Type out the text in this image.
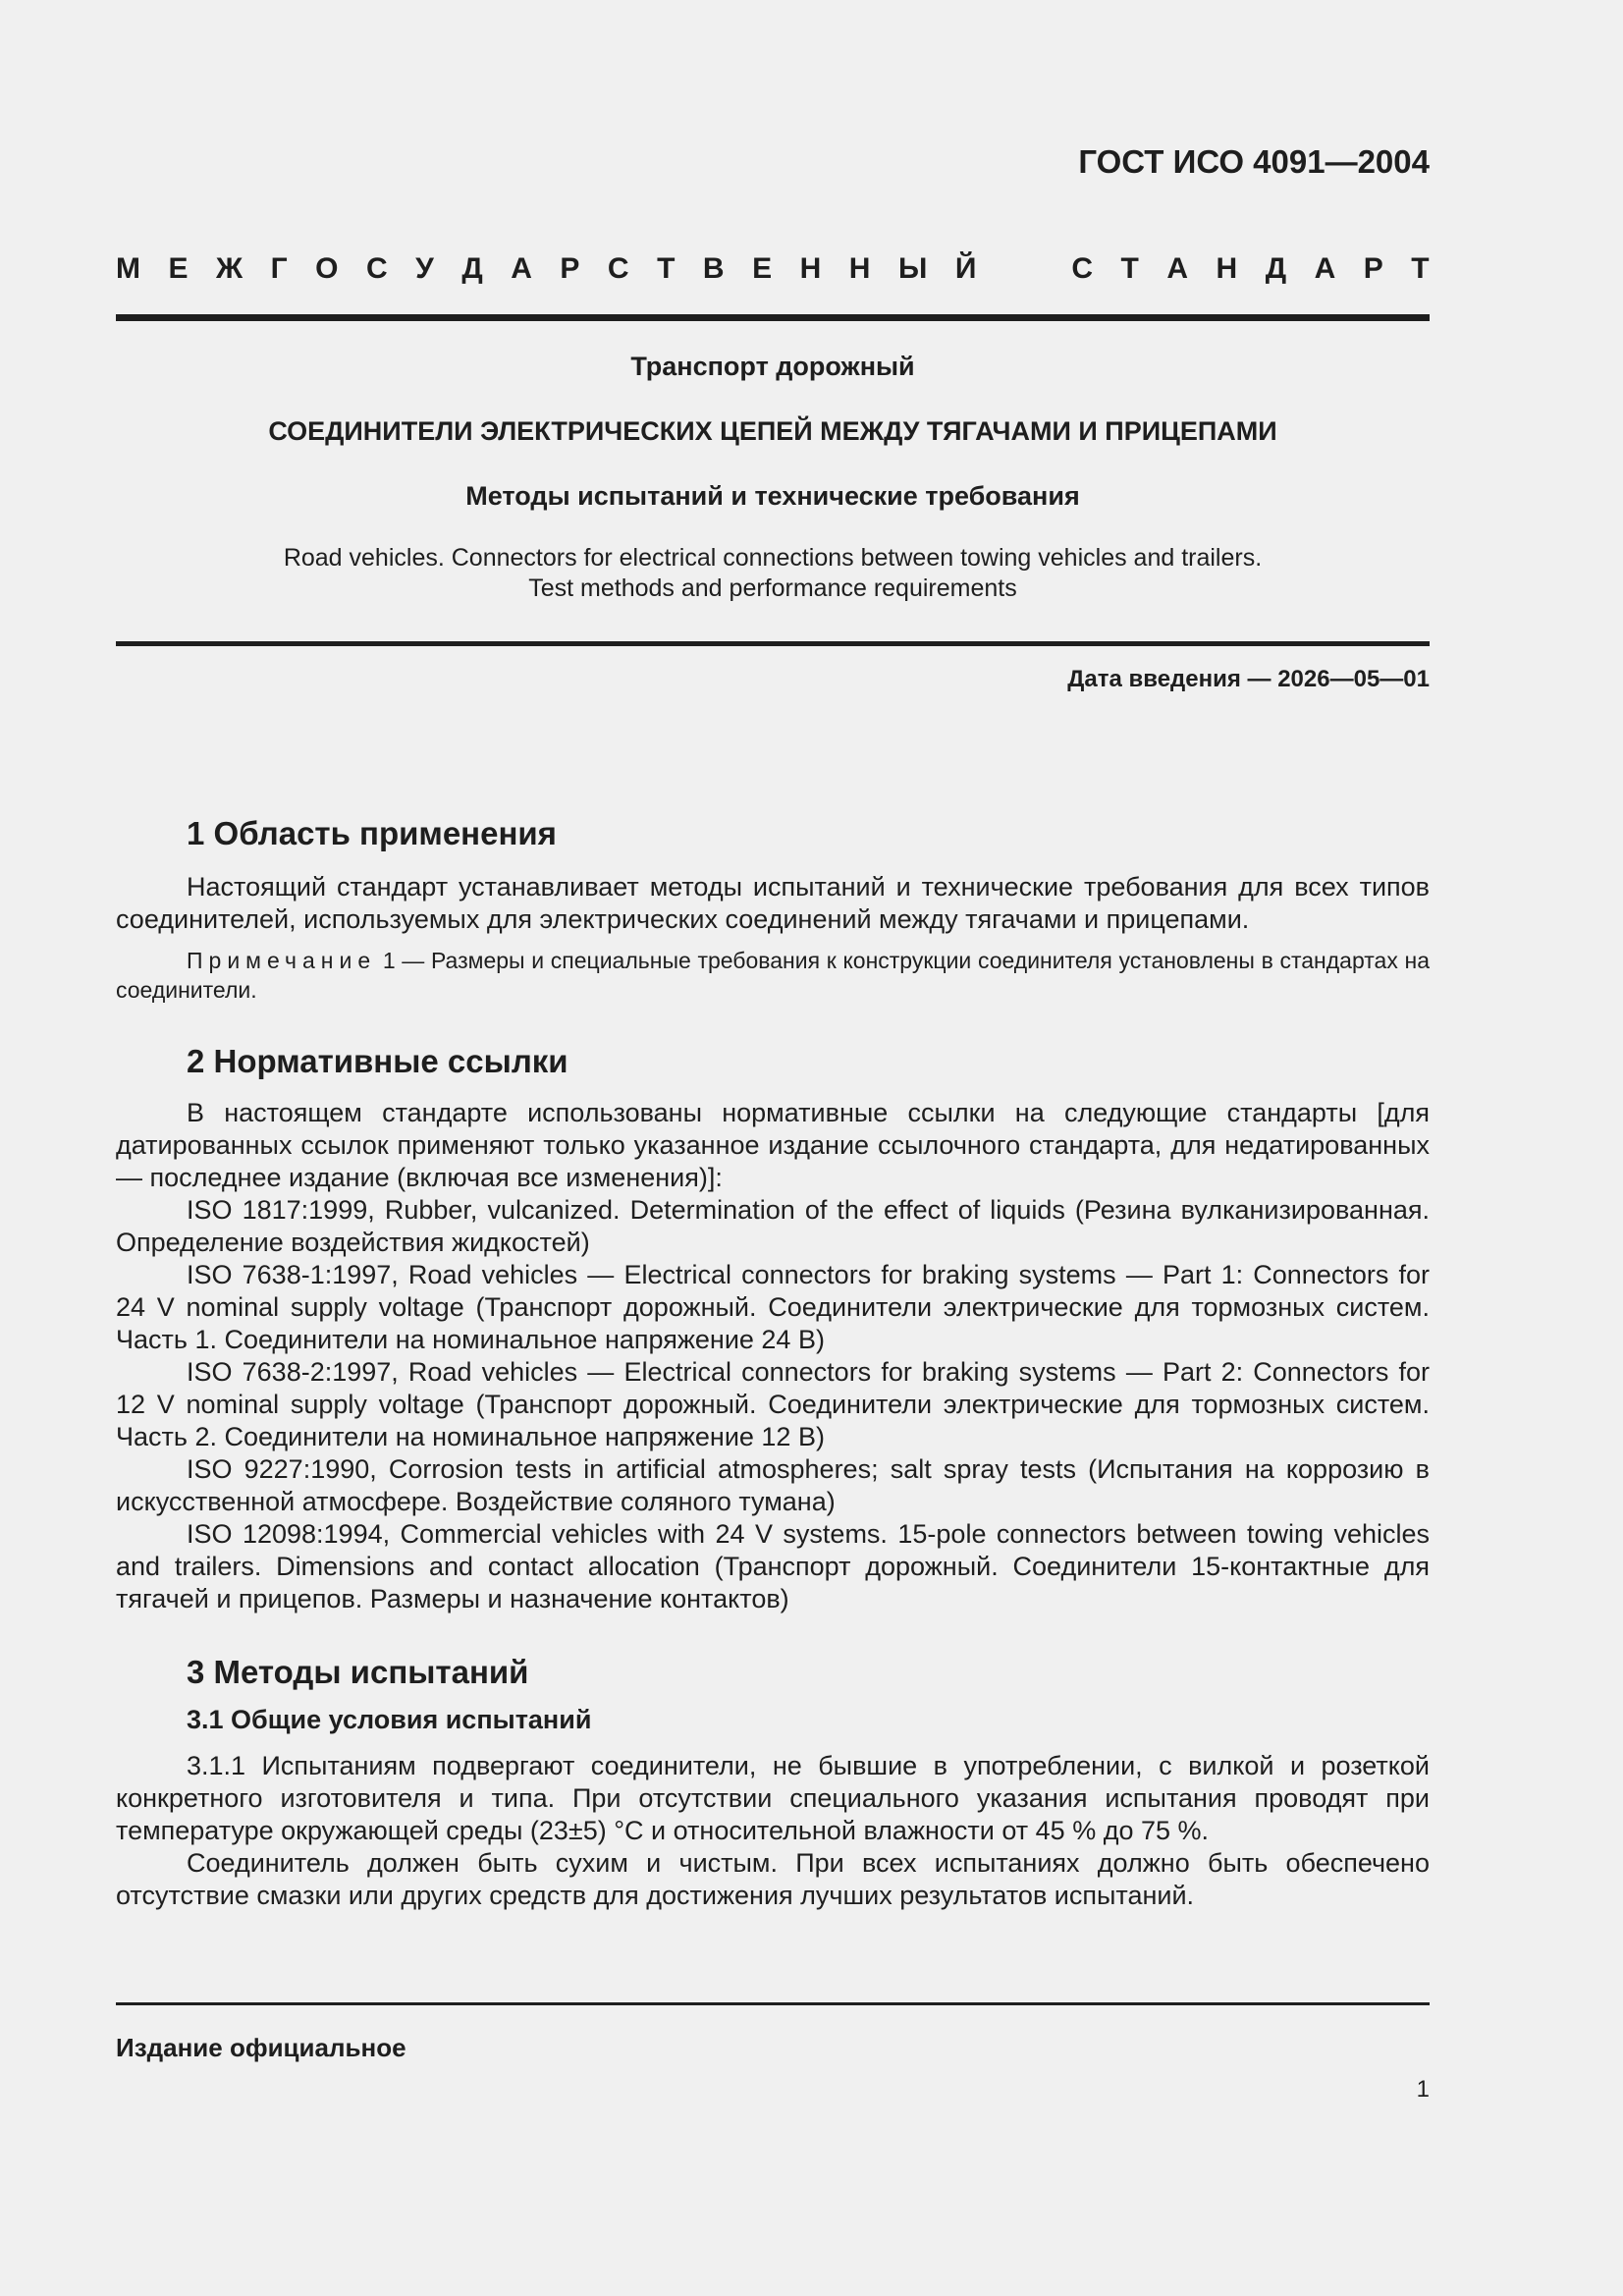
ГОСТ ИСО 4091—2004
М Е Ж Г О С У Д А Р С Т В Е Н Н Ы Й	С Т А Н Д А Р Т
Транспорт дорожный
СОЕДИНИТЕЛИ ЭЛЕКТРИЧЕСКИХ ЦЕПЕЙ МЕЖДУ ТЯГАЧАМИ И ПРИЦЕПАМИ
Методы испытаний и технические требования
Road vehicles. Connectors for electrical connections between towing vehicles and trailers.
Test methods and performance requirements
Дата введения — 2026—05—01
1 Область применения

Настоящий стандарт устанавливает методы испытаний и технические требования для всех типов соединителей, используемых для электрических соединений между тягачами и прицепами.

Примечание 1 — Размеры и специальные требования к конструкции соединителя установлены в стандартах на соединители.

2 Нормативные ссылки

В настоящем стандарте использованы нормативные ссылки на следующие стандарты [для датированных ссылок применяют только указанное издание ссылочного стандарта, для недатированных — последнее издание (включая все изменения)]:

ISO 1817:1999, Rubber, vulcanized. Determination of the effect of liquids (Резина вулканизированная. Определение воздействия жидкостей)

ISO 7638-1:1997, Road vehicles — Electrical connectors for braking systems — Part 1: Connectors for 24 V nominal supply voltage (Транспорт дорожный. Соединители электрические для тормозных систем. Часть 1. Соединители на номинальное напряжение 24 В)

ISO 7638-2:1997, Road vehicles — Electrical connectors for braking systems — Part 2: Connectors for 12 V nominal supply voltage (Транспорт дорожный. Соединители электрические для тормозных систем. Часть 2. Соединители на номинальное напряжение 12 В)

ISO 9227:1990, Corrosion tests in artificial atmospheres; salt spray tests (Испытания на коррозию в искусственной атмосфере. Воздействие соляного тумана)

ISO 12098:1994, Commercial vehicles with 24 V systems. 15-pole connectors between towing vehicles and trailers. Dimensions and contact allocation (Транспорт дорожный. Соединители 15-контактные для тягачей и прицепов. Размеры и назначение контактов)

3 Методы испытаний
3.1 Общие условия испытаний

3.1.1 Испытаниям подвергают соединители, не бывшие в употреблении, с вилкой и розеткой конкретного изготовителя и типа. При отсутствии специального указания испытания проводят при температуре окружающей среды (23±5) °С и относительной влажности от 45 % до 75 %.

Соединитель должен быть сухим и чистым. При всех испытаниях должно быть обеспечено отсутствие смазки или других средств для достижения лучших результатов испытаний.

Издание официальное
1
